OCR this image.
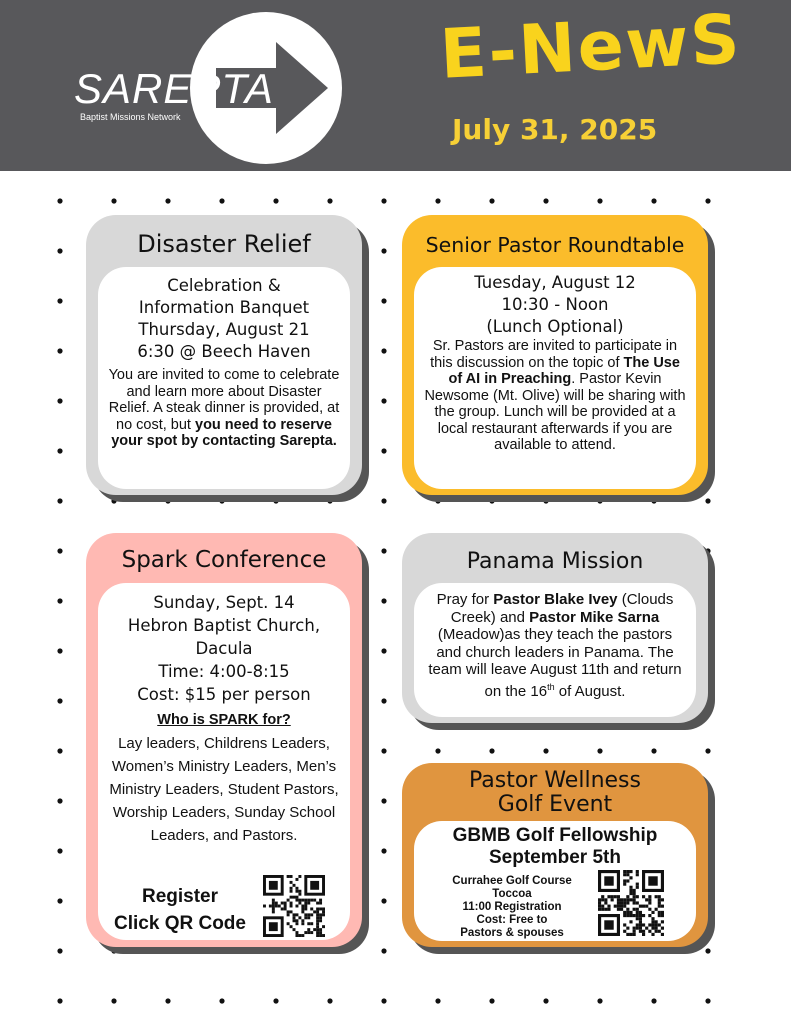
SAREPTA
Baptist Missions Network
E-NewS
July 31, 2025
Disaster Relief
Celebration &
Information Banquet
Thursday, August 21
6:30 @ Beech Haven
You are invited to come to celebrate and learn more about Disaster Relief. A steak dinner is provided, at no cost, but you need to reserve your spot by contacting Sarepta.
Senior Pastor Roundtable
Tuesday, August 12
10:30 - Noon
(Lunch Optional)
Sr. Pastors are invited to participate in this discussion on the topic of The Use of AI in Preaching. Pastor Kevin Newsome (Mt. Olive) will be sharing with the group. Lunch will be provided at a local restaurant afterwards if you are available to attend.
Spark Conference
Sunday, Sept. 14
Hebron Baptist Church,
Dacula
Time: 4:00-8:15
Cost: $15 per person
Who is SPARK for?
Lay leaders, Childrens Leaders, Women’s Ministry Leaders, Men’s Ministry Leaders, Student Pastors, Worship Leaders, Sunday School Leaders, and Pastors.
Register
Click QR Code
Panama Mission
Pray for Pastor Blake Ivey (Clouds Creek) and Pastor Mike Sarna (Meadow)as they teach the pastors and church leaders in Panama. The team will leave August 11th and return on the 16th of August.
Pastor Wellness
Golf Event
GBMB Golf Fellowship
September 5th
Currahee Golf Course
Toccoa
11:00 Registration
Cost: Free to
Pastors & spouses
